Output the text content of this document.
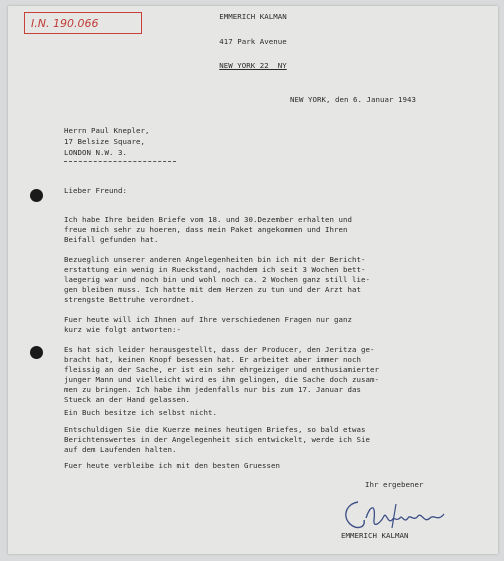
I.N. 190.066
EMMERICH KALMAN
417 Park Avenue
NEW YORK 22  NY
NEW YORK, den 6. Januar 1943
Herrn Paul Knepler,
17 Belsize Square,
LONDON N.W. 3.
Lieber Freund:
Ich habe Ihre beiden Briefe vom 18. und 30.Dezember erhalten und
freue mich sehr zu hoeren, dass mein Paket angekommen und Ihren
Beifall gefunden hat.
Bezueglich unserer anderen Angelegenheiten bin ich mit der Bericht-
erstattung ein wenig in Rueckstand, nachdem ich seit 3 Wochen bett-
laegerig war und noch bin und wohl noch ca. 2 Wochen ganz still lie-
gen bleiben muss. Ich hatte mit dem Herzen zu tun und der Arzt hat
strengste Bettruhe verordnet.
Fuer heute will ich Ihnen auf Ihre verschiedenen Fragen nur ganz
kurz wie folgt antworten:-
Es hat sich leider herausgestellt, dass der Producer, den Jeritza ge-
bracht hat, keinen Knopf besessen hat. Er arbeitet aber immer noch
fleissig an der Sache, er ist ein sehr ehrgeiziger und enthusiamierter
junger Mann und vielleicht wird es ihm gelingen, die Sache doch zusam-
men zu bringen. Ich habe ihm jedenfalls nur bis zum 17. Januar das
Stueck an der Hand gelassen.
Ein Buch besitze ich selbst nicht.
Entschuldigen Sie die Kuerze meines heutigen Briefes, so bald etwas
Berichtenswertes in der Angelegenheit sich entwickelt, werde ich Sie
auf dem Laufenden halten.
Fuer heute verbleibe ich mit den besten Gruessen
Ihr ergebener
EMMERICH KALMAN
